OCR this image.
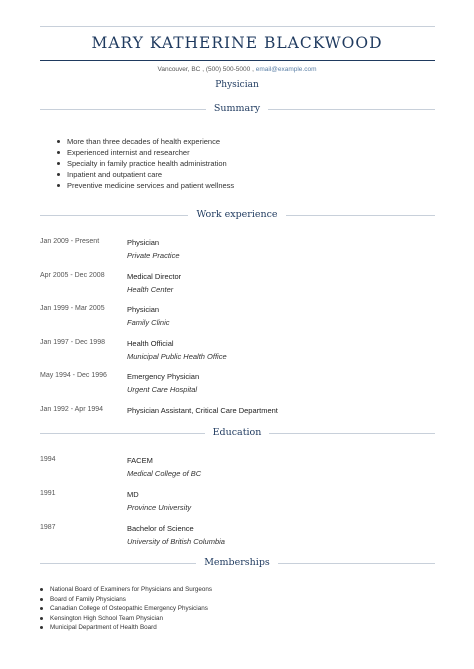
MARY KATHERINE BLACKWOOD
Vancouver, BC , (500) 500-5000 , email@example.com
Physician
Summary
More than three decades of health experience
Experienced internist and researcher
Specialty in family practice health administration
Inpatient and outpatient care
Preventive medicine services and patient wellness
Work experience
Jan 2009 - Present	Physician
Private Practice
Apr 2005 - Dec 2008	Medical Director
Health Center
Jan 1999 - Mar 2005	Physician
Family Clinic
Jan 1997 - Dec 1998	Health Official
Municipal Public Health Office
May 1994 - Dec 1996	Emergency Physician
Urgent Care Hospital
Jan 1992 - Apr 1994	Physician Assistant, Critical Care Department
Education
1994	FACEM
Medical College of BC
1991	MD
Province University
1987	Bachelor of Science
University of British Columbia
Memberships
National Board of Examiners for Physicians and Surgeons
Board of Family Physicians
Canadian College of Osteopathic Emergency Physicians
Kensington High School Team Physician
Municipal Department of Health Board
